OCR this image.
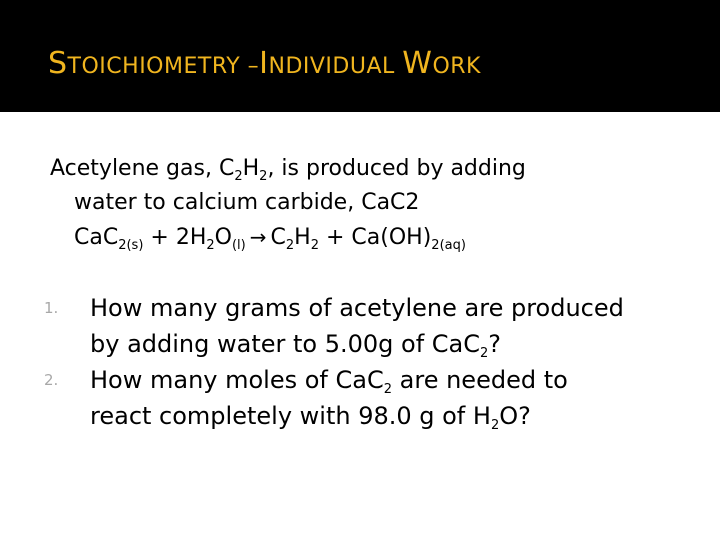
STOICHIOMETRY –INDIVIDUAL WORK
Acetylene gas, $C_2H_2$, is produced by adding
water to calcium carbide, CaC2
$CaC_{2(s)} + 2H_2O_{(l)} \to C_2H_2 + Ca(OH)_{2(aq)}$
1. How many grams of acetylene are produced
by adding water to 5.00g of CaC$_2$?
2. How many moles of CaC$_2$ are needed to
react completely with 98.0 g of $H_2O$?
